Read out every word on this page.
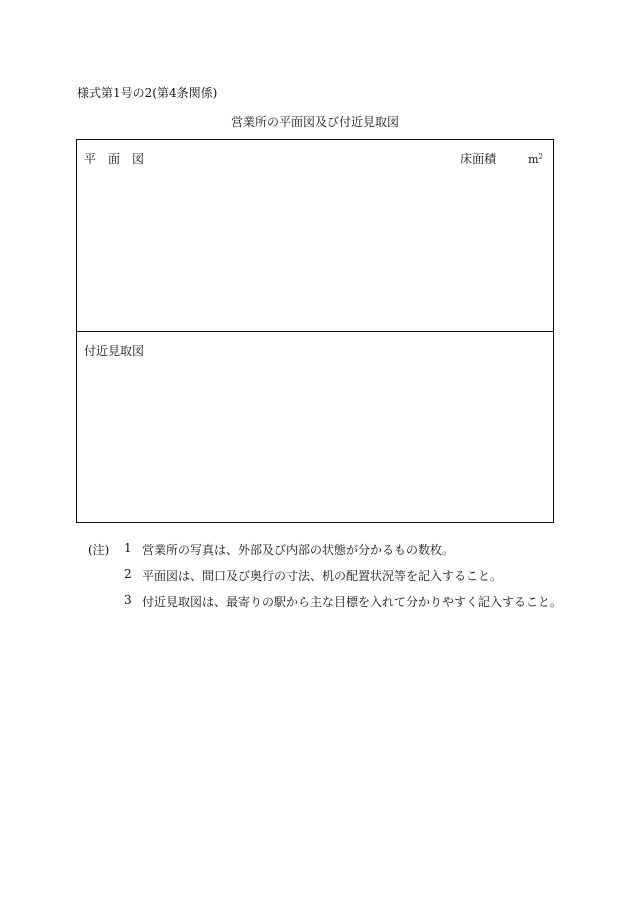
様式第1号の2(第4条関係)
営業所の平面図及び付近見取図
平　面　図	床面積	$m^2$
付近見取図
(注)	1 営業所の写真は、外部及び内部の状態が分かるもの数枚。
2 平面図は、間口及び奥行の寸法、机の配置状況等を記入すること。
3 付近見取図は、最寄りの駅から主な目標を入れて分かりやすく記入すること。
